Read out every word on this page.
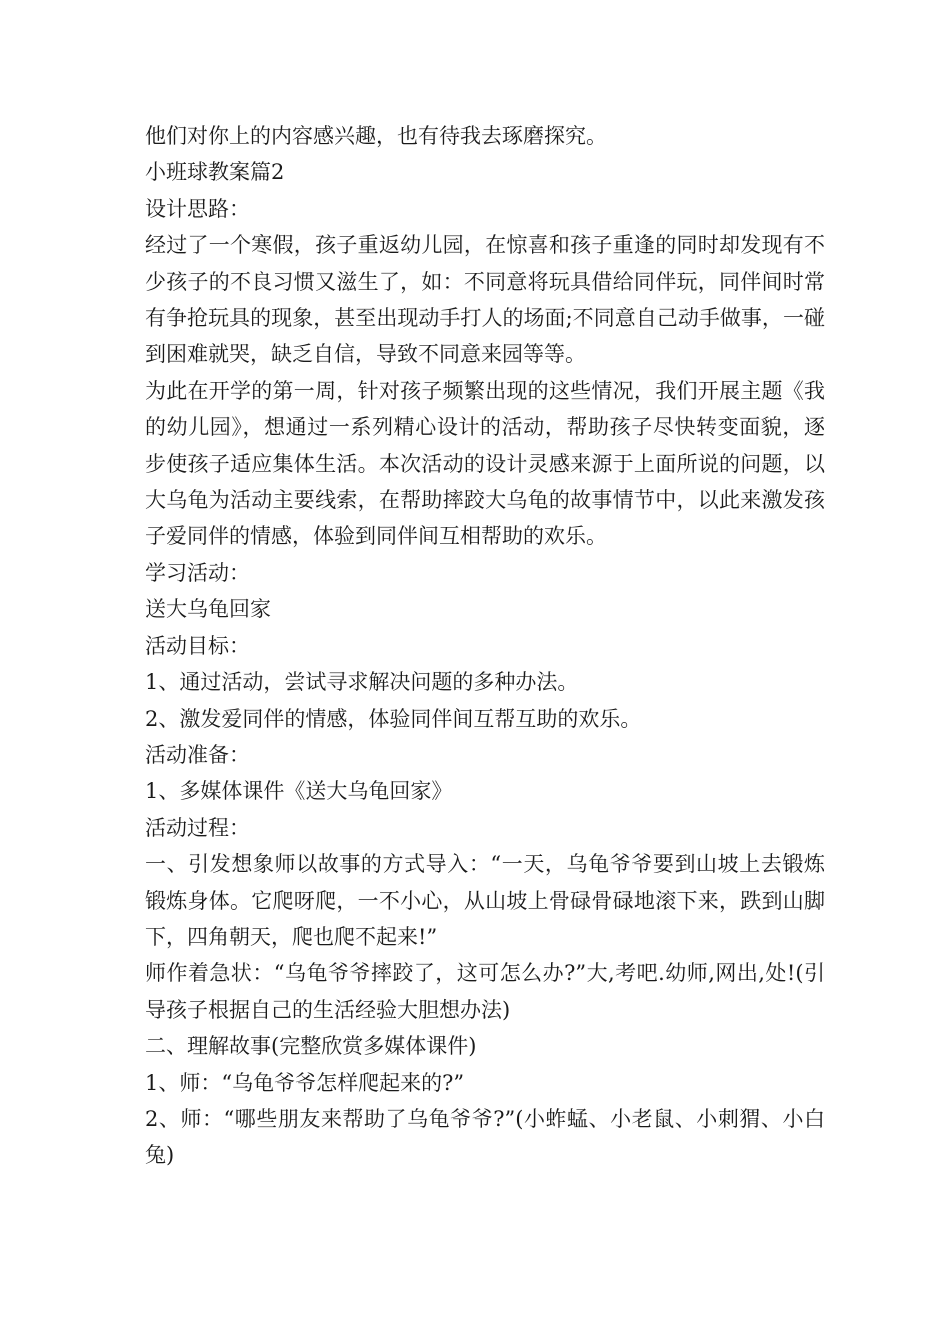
他们对你上的内容感兴趣，也有待我去琢磨探究。

小班球教案篇2

设计思路：

经过了一个寒假，孩子重返幼儿园，在惊喜和孩子重逢的同时却发现有不少孩子的不良习惯又滋生了，如：不同意将玩具借给同伴玩，同伴间时常有争抢玩具的现象，甚至出现动手打人的场面;不同意自己动手做事，一碰到困难就哭，缺乏自信，导致不同意来园等等。

为此在开学的第一周，针对孩子频繁出现的这些情况，我们开展主题《我的幼儿园》，想通过一系列精心设计的活动，帮助孩子尽快转变面貌，逐步使孩子适应集体生活。本次活动的设计灵感来源于上面所说的问题，以大乌龟为活动主要线索，在帮助摔跤大乌龟的故事情节中，以此来激发孩子爱同伴的情感，体验到同伴间互相帮助的欢乐。

学习活动：

送大乌龟回家

活动目标：

1、通过活动，尝试寻求解决问题的多种办法。

2、激发爱同伴的情感，体验同伴间互帮互助的欢乐。

活动准备：

1、多媒体课件《送大乌龟回家》

活动过程：

一、引发想象师以故事的方式导入：“一天，乌龟爷爷要到山坡上去锻炼锻炼身体。它爬呀爬，一不小心，从山坡上骨碌骨碌地滚下来，跌到山脚下，四角朝天，爬也爬不起来!”

师作着急状：“乌龟爷爷摔跤了，这可怎么办?”大,考吧.幼师,网出,处!(引导孩子根据自己的生活经验大胆想办法)

二、理解故事(完整欣赏多媒体课件)

1、师：“乌龟爷爷怎样爬起来的?”

2、师：“哪些朋友来帮助了乌龟爷爷?”(小蚱蜢、小老鼠、小刺猬、小白兔)
